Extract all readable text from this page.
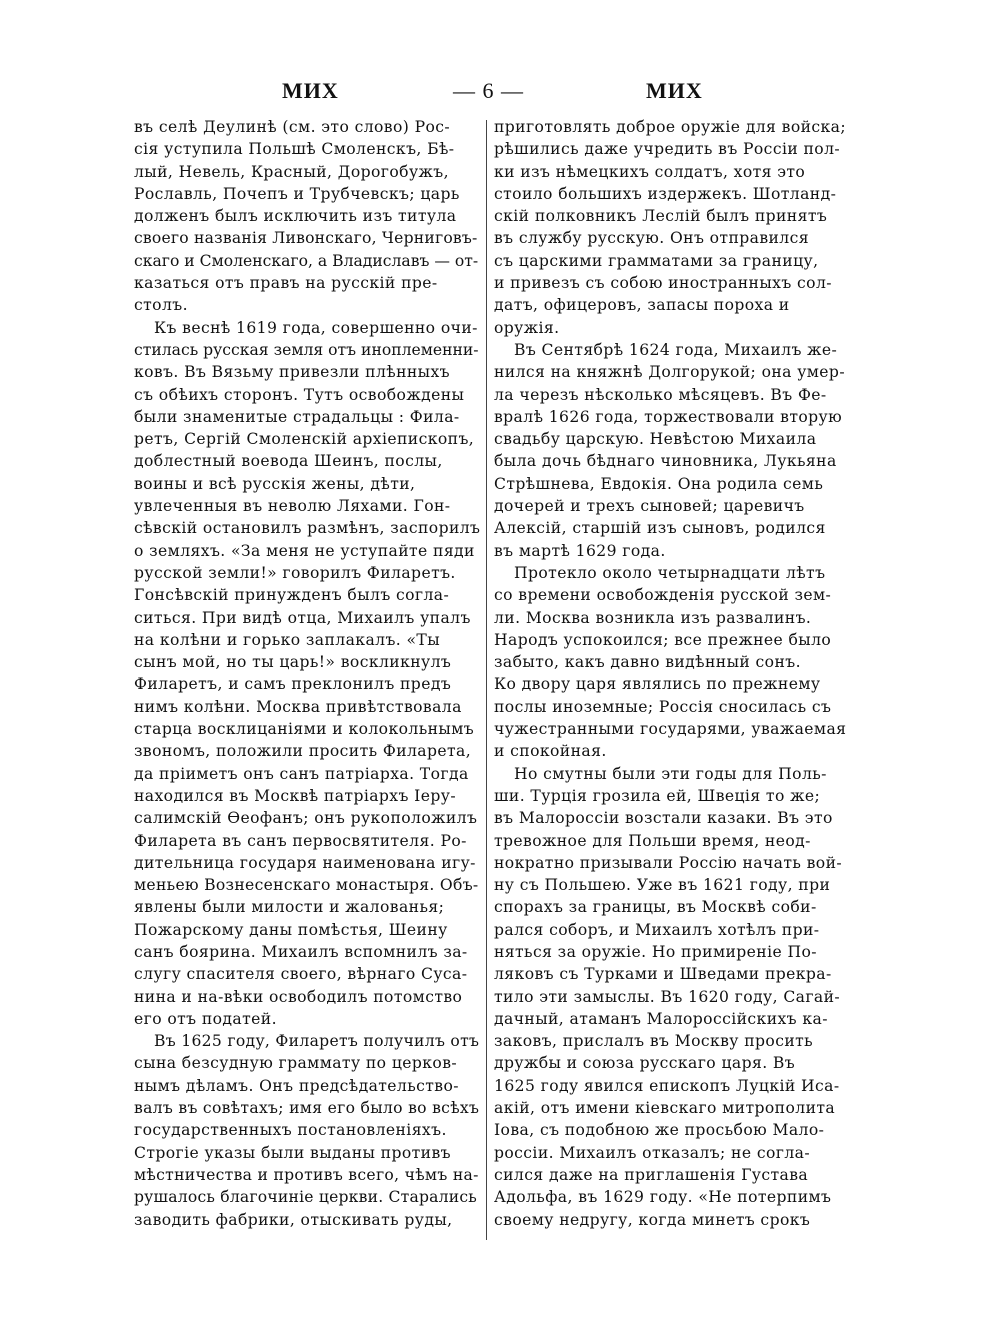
МИХ	— 6 —	МИХ
въ селѣ Деулинѣ (см. это слово) Рос-
сія уступила Польшѣ Смоленскъ, Бѣ-
лый, Невель, Красный, Дорогобужъ,
Рославль, Почепъ и Трубчевскъ; царь
долженъ былъ исключить изъ титула
своего названія Ливонскаго, Черниговъ-
скаго и Смоленскаго, а Владиславъ — от-
казаться отъ правъ на русскій пре-
столъ.
Къ веснѣ 1619 года, совершенно очи-
стилась русская земля отъ иноплеменни-
ковъ. Въ Вязьму привезли плѣнныхъ
съ обѣихъ сторонъ. Тутъ освобождены
были знаменитые страдальцы : Фила-
ретъ, Сергій Смоленскій архіепископъ,
доблестный воевода Шеинъ, послы,
воины и всѣ русскія жены, дѣти,
увлеченныя въ неволю Ляхами. Гон-
сѣвскій остановилъ размѣнъ, заспорилъ
о земляхъ. «За меня не уступайте пяди
русской земли!» говорилъ Филаретъ.
Гонсѣвскій принужденъ былъ согла-
ситься. При видѣ отца, Михаилъ упалъ
на колѣни и горько заплакалъ. «Ты
сынъ мой, но ты царь!» воскликнулъ
Филаретъ, и самъ преклонилъ предъ
нимъ колѣни. Москва привѣтствовала
старца восклицаніями и колокольнымъ
звономъ, положили просить Филарета,
да пріиметъ онъ санъ патріарха. Тогда
находился въ Москвѣ патріархъ Іеру-
салимскій Ѳеофанъ; онъ рукоположилъ
Филарета въ санъ первосвятителя. Ро-
дительница государя наименована игу-
меньею Вознесенскаго монастыря. Объ-
явлены были милости и жалованья;
Пожарскому даны помѣстья, Шеину
санъ боярина. Михаилъ вспомнилъ за-
слугу спасителя своего, вѣрнаго Суса-
нина и на-вѣки освободилъ потомство
его отъ податей.
Въ 1625 году, Филаретъ получилъ отъ
сына безсудную граммату по церков-
нымъ дѣламъ. Онъ предсѣдательство-
валъ въ совѣтахъ; имя его было во всѣхъ
государственныхъ постановленіяхъ.
Строгіе указы были выданы противъ
мѣстничества и противъ всего, чѣмъ на-
рушалось благочиніе церкви. Старались
заводить фабрики, отыскивать руды,
приготовлять доброе оружіе для войска;
рѣшились даже учредить въ Россіи пол-
ки изъ нѣмецкихъ солдатъ, хотя это
стоило большихъ издержекъ. Шотланд-
скій полковникъ Леслій былъ принятъ
въ службу русскую. Онъ отправился
съ царскими грамматами за границу,
и привезъ съ собою иностранныхъ сол-
датъ, офицеровъ, запасы пороха и
оружія.
Въ Сентябрѣ 1624 года, Михаилъ же-
нился на княжнѣ Долгорукой; она умер-
ла черезъ нѣсколько мѣсяцевъ. Въ Фе-
вралѣ 1626 года, торжествовали вторую
свадьбу царскую. Невѣстою Михаила
была дочь бѣднаго чиновника, Лукьяна
Стрѣшнева, Евдокія. Она родила семь
дочерей и трехъ сыновей; царевичъ
Алексій, старшій изъ сыновъ, родился
въ мартѣ 1629 года.
Протекло около четырнадцати лѣтъ
со времени освобожденія русской зем-
ли. Москва возникла изъ развалинъ.
Народъ успокоился; все прежнее было
забыто, какъ давно видѣнный сонъ.
Ко двору царя являлись по прежнему
послы иноземные; Россія сносилась съ
чужестранными государями, уважаемая
и спокойная.
Но смутны были эти годы для Поль-
ши. Турція грозила ей, Швеція то же;
въ Малороссіи возстали казаки. Въ это
тревожное для Польши время, неод-
нократно призывали Россію начать вой-
ну съ Польшею. Уже въ 1621 году, при
спорахъ за границы, въ Москвѣ соби-
рался соборъ, и Михаилъ хотѣлъ при-
няться за оружіе. Но примиреніе По-
ляковъ съ Турками и Шведами прекра-
тило эти замыслы. Въ 1620 году, Сагай-
дачный, атаманъ Малороссійскихъ ка-
заковъ, прислалъ въ Москву просить
дружбы и союза русскаго царя. Въ
1625 году явился епископъ Луцкій Иса-
акій, отъ имени кіевскаго митрополита
Іова, съ подобною же просьбою Мало-
россіи. Михаилъ отказалъ; не согла-
сился даже на приглашенія Густава
Адольфа, въ 1629 году. «Не потерпимъ
своему недругу, когда минетъ срокъ
